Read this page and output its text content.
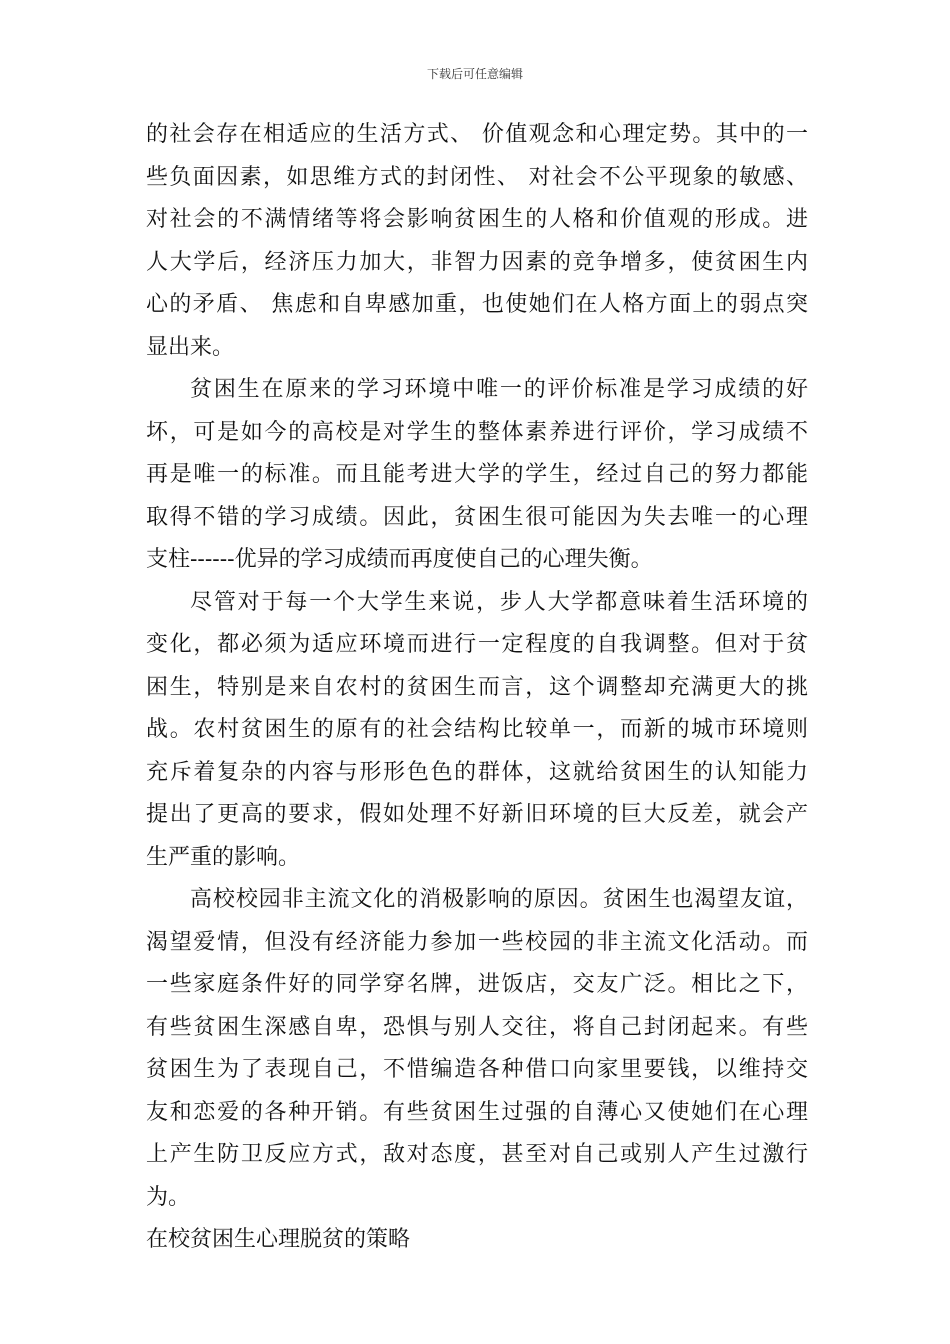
下载后可任意编辑
的社会存在相适应的生活方式、 价值观念和心理定势。其中的一
些负面因素，如思维方式的封闭性、 对社会不公平现象的敏感、
对社会的不满情绪等将会影响贫困生的人格和价值观的形成。进
人大学后，经济压力加大，非智力因素的竞争增多，使贫困生内
心的矛盾、 焦虑和自卑感加重，也使她们在人格方面上的弱点突
显出来。
贫困生在原来的学习环境中唯一的评价标准是学习成绩的好
坏，可是如今的高校是对学生的整体素养进行评价，学习成绩不
再是唯一的标准。而且能考进大学的学生，经过自己的努力都能
取得不错的学习成绩。因此，贫困生很可能因为失去唯一的心理
支柱------优异的学习成绩而再度使自己的心理失衡。
尽管对于每一个大学生来说，步人大学都意味着生活环境的
变化，都必须为适应环境而进行一定程度的自我调整。但对于贫
困生，特别是来自农村的贫困生而言，这个调整却充满更大的挑
战。农村贫困生的原有的社会结构比较单一，而新的城市环境则
充斥着复杂的内容与形形色色的群体，这就给贫困生的认知能力
提出了更高的要求，假如处理不好新旧环境的巨大反差，就会产
生严重的影响。
高校校园非主流文化的消极影响的原因。贫困生也渴望友谊，
渴望爱情，但没有经济能力参加一些校园的非主流文化活动。而
一些家庭条件好的同学穿名牌，进饭店，交友广泛。相比之下，
有些贫困生深感自卑，恐惧与别人交往，将自己封闭起来。有些
贫困生为了表现自己，不惜编造各种借口向家里要钱，以维持交
友和恋爱的各种开销。有些贫困生过强的自薄心又使她们在心理
上产生防卫反应方式，敌对态度，甚至对自己或别人产生过激行
为。
在校贫困生心理脱贫的策略
